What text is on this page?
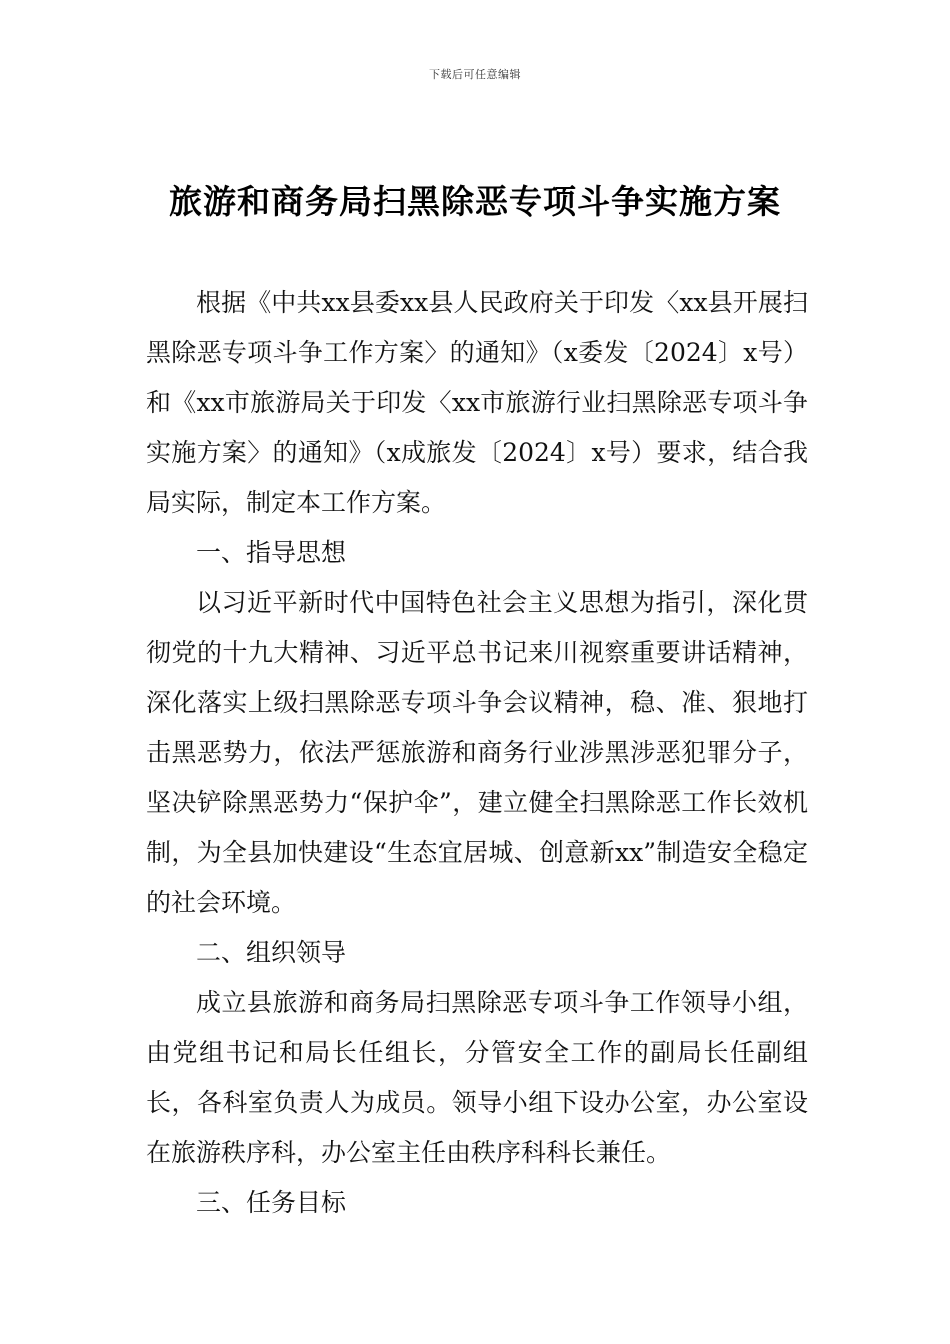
下载后可任意编辑
旅游和商务局扫黑除恶专项斗争实施方案

根据《中共xx县委xx县人民政府关于印发〈xx县开展扫黑除恶专项斗争工作方案〉的通知》（x委发〔2024〕x号）和《xx市旅游局关于印发〈xx市旅游行业扫黑除恶专项斗争实施方案〉的通知》（x成旅发〔2024〕x号）要求，结合我局实际，制定本工作方案。

一、指导思想

以习近平新时代中国特色社会主义思想为指引，深化贯彻党的十九大精神、习近平总书记来川视察重要讲话精神，深化落实上级扫黑除恶专项斗争会议精神，稳、准、狠地打击黑恶势力，依法严惩旅游和商务行业涉黑涉恶犯罪分子，坚决铲除黑恶势力“保护伞”，建立健全扫黑除恶工作长效机制，为全县加快建设“生态宜居城、创意新xx”制造安全稳定的社会环境。

二、组织领导

成立县旅游和商务局扫黑除恶专项斗争工作领导小组，由党组书记和局长任组长，分管安全工作的副局长任副组长，各科室负责人为成员。领导小组下设办公室，办公室设在旅游秩序科，办公室主任由秩序科科长兼任。

三、任务目标
